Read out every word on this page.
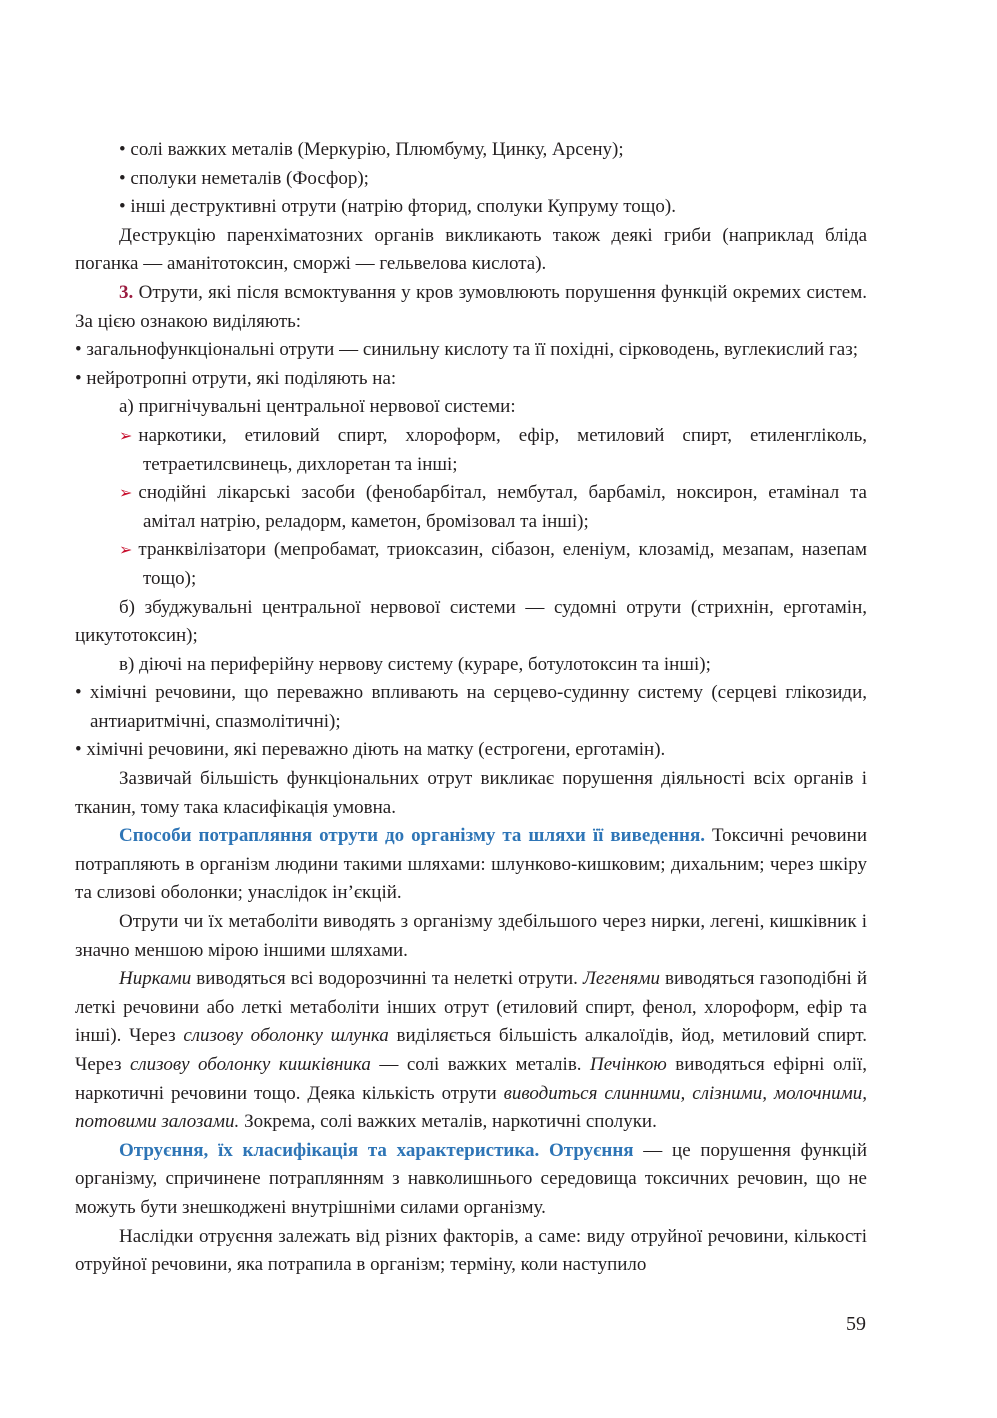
• солі важких металів (Меркурію, Плюмбуму, Цинку, Арсену);

• сполуки неметалів (Фосфор);

• інші деструктивні отрути (натрію фторид, сполуки Купруму тощо).

Деструкцію паренхіматозних органів викликають також деякі гриби (наприклад бліда поганка — аманітотоксин, сморжі — гельвелова кислота).

3. Отрути, які після всмоктування у кров зумовлюють порушення функцій окремих систем. За цією ознакою виділяють:

• загальнофункціональні отрути — синильну кислоту та її похідні, сірководень, вуглекислий газ;

• нейротропні отрути, які поділяють на:

а) пригнічувальні центральної нервової системи:

➢ наркотики, етиловий спирт, хлороформ, ефір, метиловий спирт, етиленгліколь, тетраетилсвинець, дихлоретан та інші;

➢ снодійні лікарські засоби (фенобарбітал, нембутал, барбаміл, ноксирон, етамінал та амітал натрію, реладорм, каметон, бромізовал та інші);

➢ транквілізатори (мепробамат, триоксазин, сібазон, еленіум, клозамід, мезапам, назепам тощо);

б) збуджувальні центральної нервової системи — судомні отрути (стрихнін, ерготамін, цикутотоксин);

в) діючі на периферійну нервову систему (кураре, ботулотоксин та інші);

• хімічні речовини, що переважно впливають на серцево-судинну систему (серцеві глікозиди, антиаритмічні, спазмолітичні);

• хімічні речовини, які переважно діють на матку (естрогени, ерготамін).

Зазвичай більшість функціональних отрут викликає порушення діяльності всіх органів і тканин, тому така класифікація умовна.

Способи потрапляння отрути до організму та шляхи її виведення. Токсичні речовини потрапляють в організм людини такими шляхами: шлунково-кишковим; дихальним; через шкіру та слизові оболонки; унаслідок ін’єкцій.

Отрути чи їх метаболіти виводять з організму здебільшого через нирки, легені, кишківник і значно меншою мірою іншими шляхами.

Нирками виводяться всі водорозчинні та нелеткі отрути. Легенями виводяться газоподібні й леткі речовини або леткі метаболіти інших отрут (етиловий спирт, фенол, хлороформ, ефір та інші). Через слизову оболонку шлунка виділяється більшість алкалоїдів, йод, метиловий спирт. Через слизову оболонку кишківника — солі важких металів. Печінкою виводяться ефірні олії, наркотичні речовини тощо. Деяка кількість отрути виводиться слинними, слізними, молочними, потовими залозами. Зокрема, солі важких металів, наркотичні сполуки.

Отруєння, їх класифікація та характеристика. Отруєння — це порушення функцій організму, спричинене потраплянням з навколишнього середовища токсичних речовин, що не можуть бути знешкоджені внутрішніми силами організму.

Наслідки отруєння залежать від різних факторів, а саме: виду отруйної речовини, кількості отруйної речовини, яка потрапила в організм; терміну, коли наступило

59
